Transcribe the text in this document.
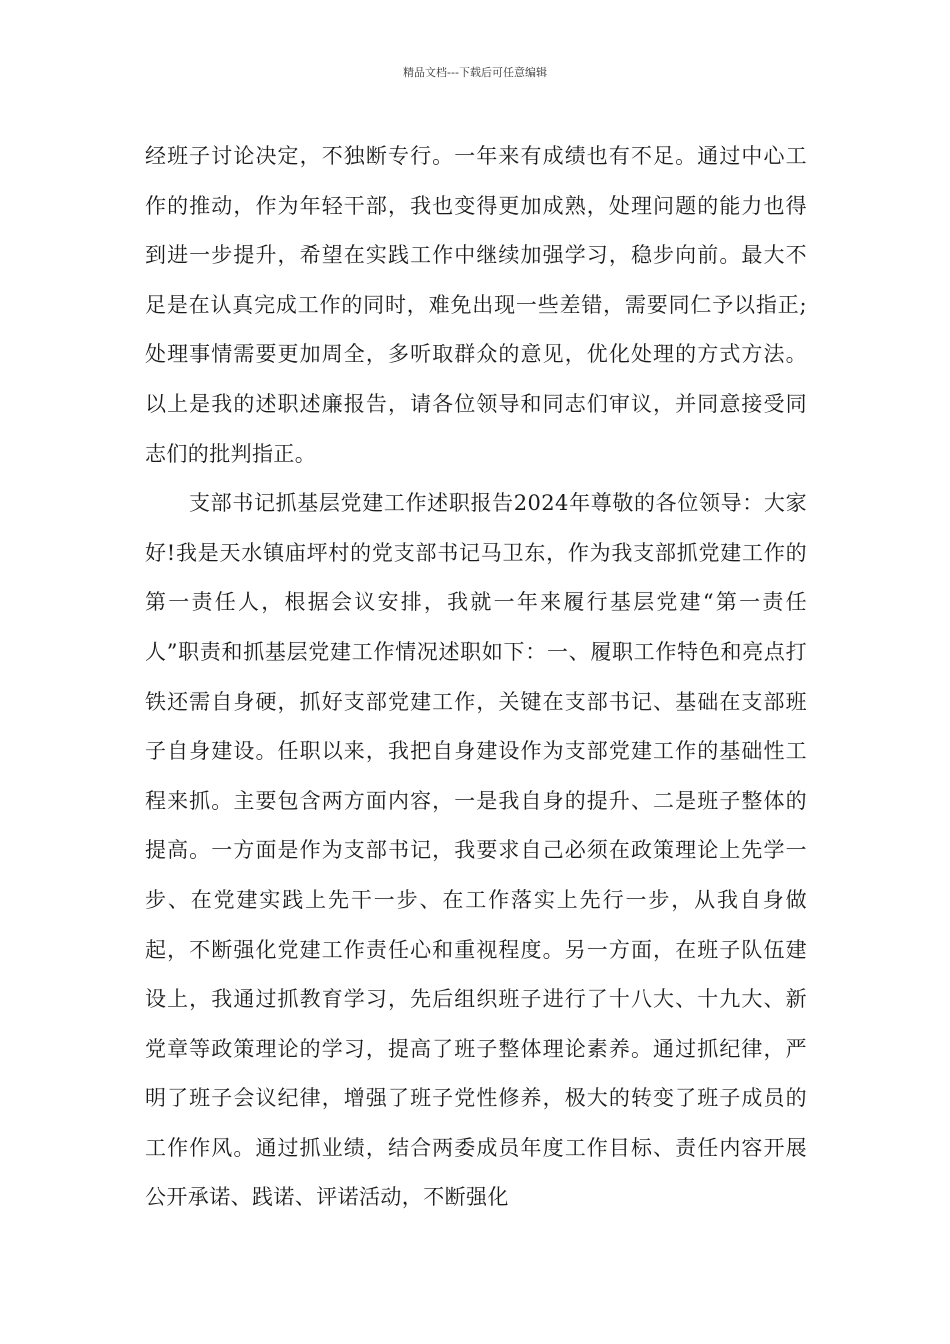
精品文档---下载后可任意编辑

经班子讨论决定，不独断专行。一年来有成绩也有不足。通过中心工作的推动，作为年轻干部，我也变得更加成熟，处理问题的能力也得到进一步提升，希望在实践工作中继续加强学习，稳步向前。最大不足是在认真完成工作的同时，难免出现一些差错，需要同仁予以指正;处理事情需要更加周全，多听取群众的意见，优化处理的方式方法。以上是我的述职述廉报告，请各位领导和同志们审议，并同意接受同志们的批判指正。

支部书记抓基层党建工作述职报告2024年尊敬的各位领导：大家好!我是天水镇庙坪村的党支部书记马卫东，作为我支部抓党建工作的第一责任人，根据会议安排，我就一年来履行基层党建“第一责任人”职责和抓基层党建工作情况述职如下：一、履职工作特色和亮点打铁还需自身硬，抓好支部党建工作，关键在支部书记、基础在支部班子自身建设。任职以来，我把自身建设作为支部党建工作的基础性工程来抓。主要包含两方面内容，一是我自身的提升、二是班子整体的提高。一方面是作为支部书记，我要求自己必须在政策理论上先学一步、在党建实践上先干一步、在工作落实上先行一步，从我自身做起，不断强化党建工作责任心和重视程度。另一方面，在班子队伍建设上，我通过抓教育学习，先后组织班子进行了十八大、十九大、新党章等政策理论的学习，提高了班子整体理论素养。通过抓纪律，严明了班子会议纪律，增强了班子党性修养，极大的转变了班子成员的工作作风。通过抓业绩，结合两委成员年度工作目标、责任内容开展公开承诺、践诺、评诺活动，不断强化
